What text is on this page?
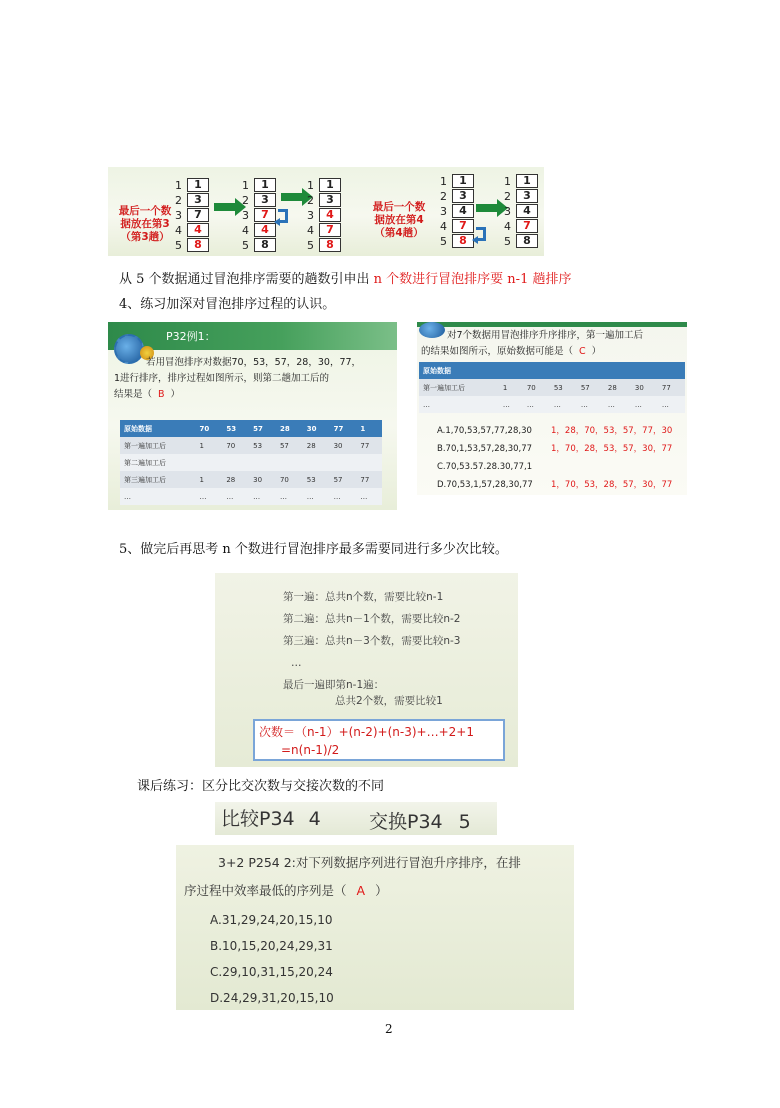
最后一个数
据放在第3
（第3趟）
1	1
2	3
3	7
4	4
5	8
1	1
2	3
3	7
4	4
5	8
1	1
2	3
3	4
4	7
5	8
最后一个数
据放在第4
（第4趟）
1	1
2	3
3	4
4	7
5	8
1	1
2	3
3	4
4	7
5	8
从 5 个数据通过冒泡排序需要的趟数引申出 n 个数进行冒泡排序要 n-1 趟排序
4、练习加深对冒泡排序过程的认识。
P32例1：
若用冒泡排序对数据70，53，57，28，30，77，
1进行排序，排序过程如图所示，则第二趟加工后的
结果是（ B ）
原始数据	70	53	57	28	30	77	1
第一遍加工后	1	70	53	57	28	30	77
第二遍加工后							
第三遍加工后	1	28	30	70	53	57	77
…	…	…	…	…	…	…	…
对7个数据用冒泡排序升序排序，第一遍加工后
的结果如图所示，原始数据可能是（ C ）
原始数据							
第一遍加工后	1	70	53	57	28	30	77
…	…	…	…	…	…	…	…
A.1,70,53,57,77,28,30 1，28，70，53，57，77，30
B.70,1,53,57,28,30,77 1，70，28，53，57，30，77
C.70,53.57.28.30,77,1
D.70,53,1,57,28,30,77 1，70，53，28，57，30，77
5、做完后再思考 n 个数进行冒泡排序最多需要同进行多少次比较。
第一遍：总共n个数，需要比较n-1
第二遍：总共n－1个数，需要比较n-2
第三遍：总共n－3个数，需要比较n-3
…
最后一遍即第n-1遍：
总共2个数，需要比较1
次数＝（n-1）+(n-2)+(n-3)+…+2+1
=n(n-1)/2
课后练习：区分比交次数与交接次数的不同
比较P34 4	交换P34 5
3+2 P254 2:对下列数据序列进行冒泡升序排序，在排
序过程中效率最低的序列是（ A ）
A.31,29,24,20,15,10
B.10,15,20,24,29,31
C.29,10,31,15,20,24
D.24,29,31,20,15,10
2
